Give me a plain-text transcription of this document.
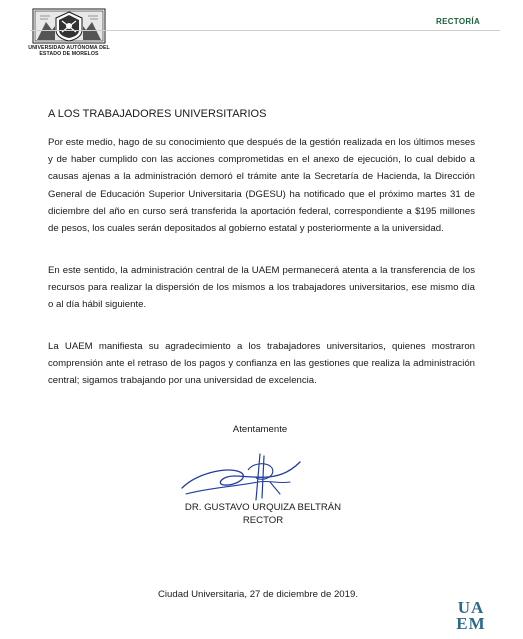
UNIVERSIDAD AUTÓNOMA DEL
ESTADO DE MORELOS
RECTORÍA
A LOS TRABAJADORES UNIVERSITARIOS

Por este medio, hago de su conocimiento que después de la gestión realizada en los últimos meses y de haber cumplido con las acciones comprometidas en el anexo de ejecución, lo cual debido a causas ajenas a la administración demoró el trámite ante la Secretaría de Hacienda, la Dirección General de Educación Superior Universitaria (DGESU) ha notificado que el próximo martes 31 de diciembre del año en curso será transferida la aportación federal, correspondiente a $195 millones de pesos, los cuales serán depositados al gobierno estatal y posteriormente a la universidad.

En este sentido, la administración central de la UAEM permanecerá atenta a la transferencia de los recursos para realizar la dispersión de los mismos a los trabajadores universitarios, ese mismo día o al día hábil siguiente.

La UAEM manifiesta su agradecimiento a los trabajadores universitarios, quienes mostraron comprensión ante el retraso de los pagos y confianza en las gestiones que realiza la administración central; sigamos trabajando por una universidad de excelencia.

Atentamente
DR. GUSTAVO URQUIZA BELTRÁN
RECTOR
Ciudad Universitaria, 27 de diciembre de 2019.
UA
EM
